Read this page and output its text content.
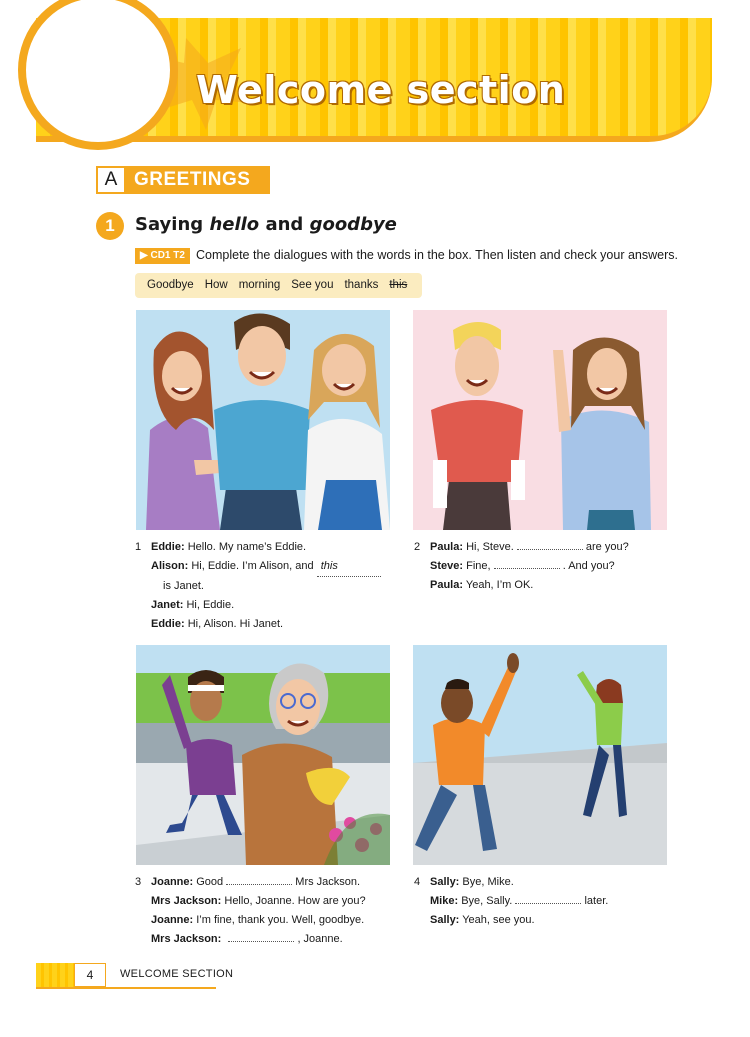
Welcome section
A GREETINGS
1	Saying hello and goodbye
▶ CD1 T2 Complete the dialogues with the words in the box. Then listen and check your answers.
Goodbye How morning See you thanks this
1 Eddie: Hello. My name’s Eddie.
Alison: Hi, Eddie. I’m Alison, and this
is Janet.
Janet: Hi, Eddie.
Eddie: Hi, Alison. Hi Janet.
2 Paula: Hi, Steve.	are you?
Steve: Fine,	. And you?
Paula: Yeah, I’m OK.
3 Joanne: Good	Mrs Jackson.
Mrs Jackson: Hello, Joanne. How are you?
Joanne: I’m fine, thank you. Well, goodbye.
Mrs Jackson:	, Joanne.
4 Sally: Bye, Mike.
Mike: Bye, Sally.	later.
Sally: Yeah, see you.
4	WELCOME SECTION
